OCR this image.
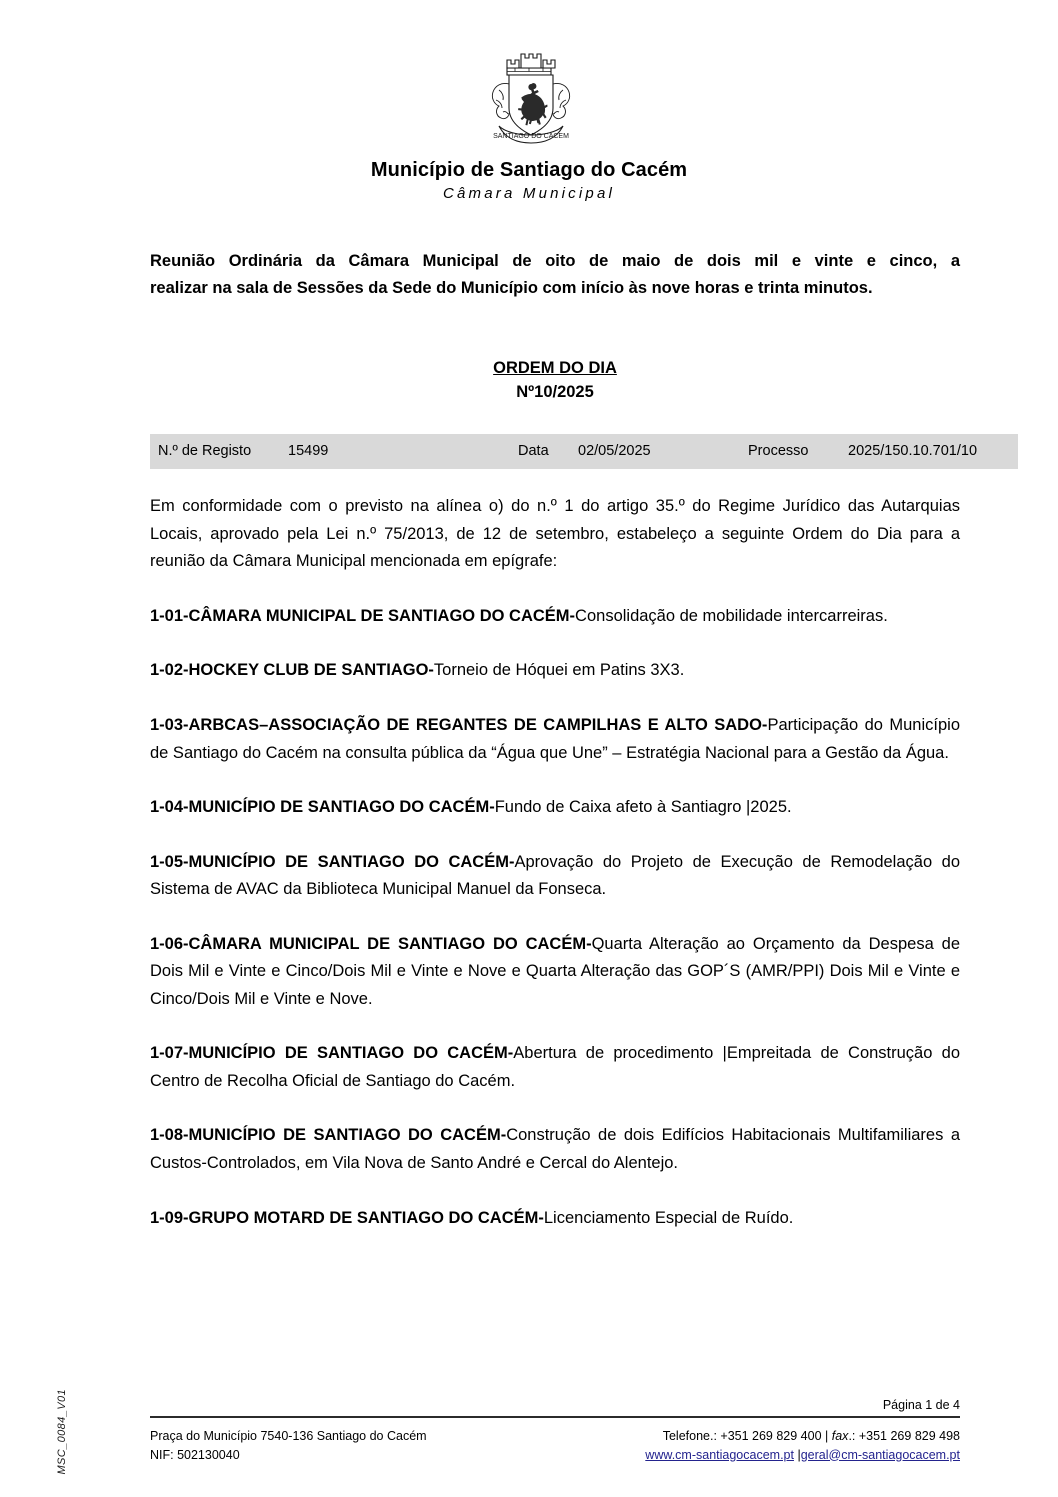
SANTIAGO DO CACEM
Município de Santiago do Cacém
Câmara Municipal

Reunião Ordinária da Câmara Municipal de oito de maio de dois mil e vinte e cinco, a
realizar na sala de Sessões da Sede do Município com início às nove horas e trinta minutos.

ORDEM DO DIA
Nº10/2025
N.º de Registo	15499	Data	02/05/2025	Processo	2025/150.10.701/10

Em conformidade com o previsto na alínea o) do n.º 1 do artigo 35.º do Regime Jurídico das Autarquias Locais, aprovado pela Lei n.º 75/2013, de 12 de setembro, estabeleço a seguinte Ordem do Dia para a reunião da Câmara Municipal mencionada em epígrafe:

1-01-CÂMARA MUNICIPAL DE SANTIAGO DO CACÉM-Consolidação de mobilidade intercarreiras.

1-02-HOCKEY CLUB DE SANTIAGO-Torneio de Hóquei em Patins 3X3.

1-03-ARBCAS–ASSOCIAÇÃO DE REGANTES DE CAMPILHAS E ALTO SADO-Participação do Município de Santiago do Cacém na consulta pública da “Água que Une” – Estratégia Nacional para a Gestão da Água.

1-04-MUNICÍPIO DE SANTIAGO DO CACÉM-Fundo de Caixa afeto à Santiagro |2025.

1-05-MUNICÍPIO DE SANTIAGO DO CACÉM-Aprovação do Projeto de Execução de Remodelação do Sistema de AVAC da Biblioteca Municipal Manuel da Fonseca.

1-06-CÂMARA MUNICIPAL DE SANTIAGO DO CACÉM-Quarta Alteração ao Orçamento da Despesa de Dois Mil e Vinte e Cinco/Dois Mil e Vinte e Nove e Quarta Alteração das GOP´S (AMR/PPI) Dois Mil e Vinte e Cinco/Dois Mil e Vinte e Nove.

1-07-MUNICÍPIO DE SANTIAGO DO CACÉM-Abertura de procedimento |Empreitada de Construção do Centro de Recolha Oficial de Santiago do Cacém.

1-08-MUNICÍPIO DE SANTIAGO DO CACÉM-Construção de dois Edifícios Habitacionais Multifamiliares a Custos-Controlados, em Vila Nova de Santo André e Cercal do Alentejo.

1-09-GRUPO MOTARD DE SANTIAGO DO CACÉM-Licenciamento Especial de Ruído.

MSC_0084_V01	Página 1 de 4
Praça do Município 7540-136 Santiago do Cacém
NIF: 502130040
Telefone.: +351 269 829 400 | fax.: +351 269 829 498
www.cm-santiagocacem.pt |geral@cm-santiagocacem.pt
